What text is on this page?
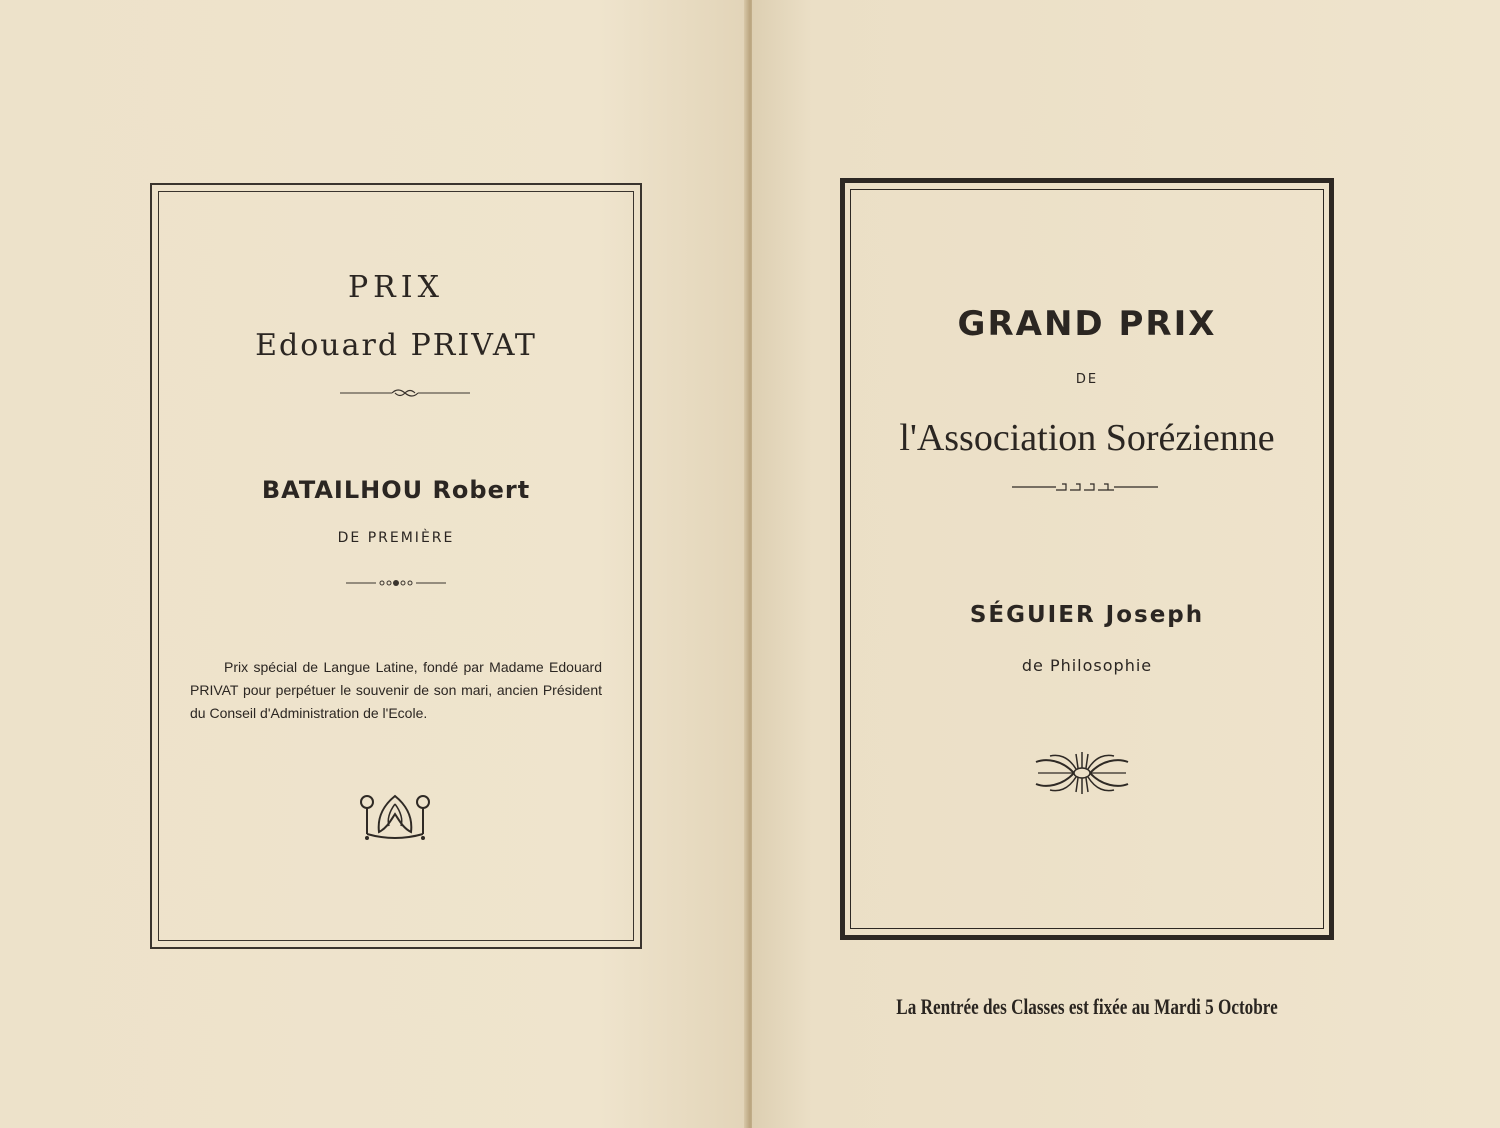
PRIX
Edouard PRIVAT
BATAILHOU Robert
DE PREMIÈRE
Prix spécial de Langue Latine, fondé par Madame Edouard PRIVAT pour perpétuer le souvenir de son mari, ancien Président du Conseil d'Administration de l'Ecole.
GRAND PRIX
DE
l'Association Sorézienne
SÉGUIER Joseph
de Philosophie
La Rentrée des Classes est fixée au Mardi 5 Octobre
